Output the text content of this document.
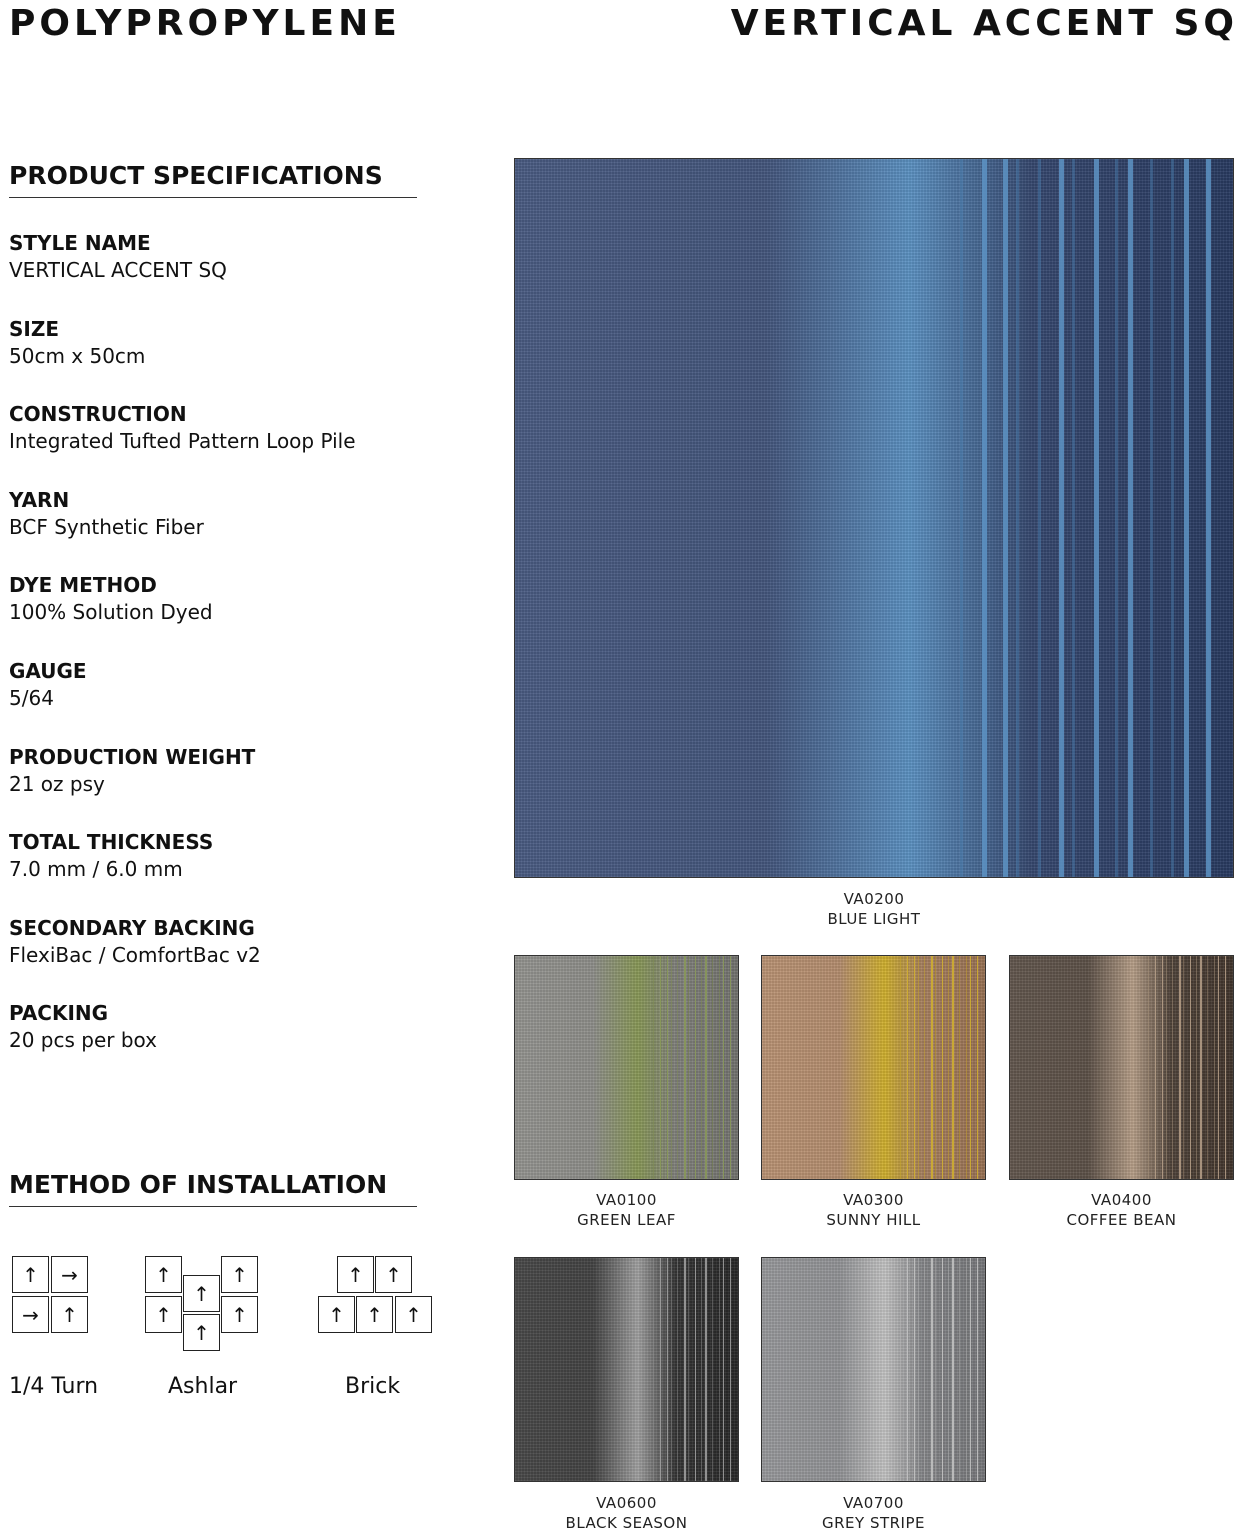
POLYPROPYLENE	VERTICAL ACCENT SQ
PRODUCT SPECIFICATIONS
STYLE NAME
VERTICAL ACCENT SQ
SIZE
50cm x 50cm
CONSTRUCTION
Integrated Tufted Pattern Loop Pile
YARN
BCF Synthetic Fiber
DYE METHOD
100% Solution Dyed
GAUGE
5/64
PRODUCTION WEIGHT
21 oz psy
TOTAL THICKNESS
7.0 mm / 6.0 mm
SECONDARY BACKING
FlexiBac / ComfortBac v2
PACKING
20 pcs per box
METHOD OF INSTALLATION
↑	→
→	↑
1/4 Turn
↑
↑
↑
↑
↑
↑
Ashlar
↑	↑
↑	↑	↑
Brick
VA0200
BLUE LIGHT
VA0100
GREEN LEAF
VA0300
SUNNY HILL
VA0400
COFFEE BEAN
VA0600
BLACK SEASON
VA0700
GREY STRIPE
